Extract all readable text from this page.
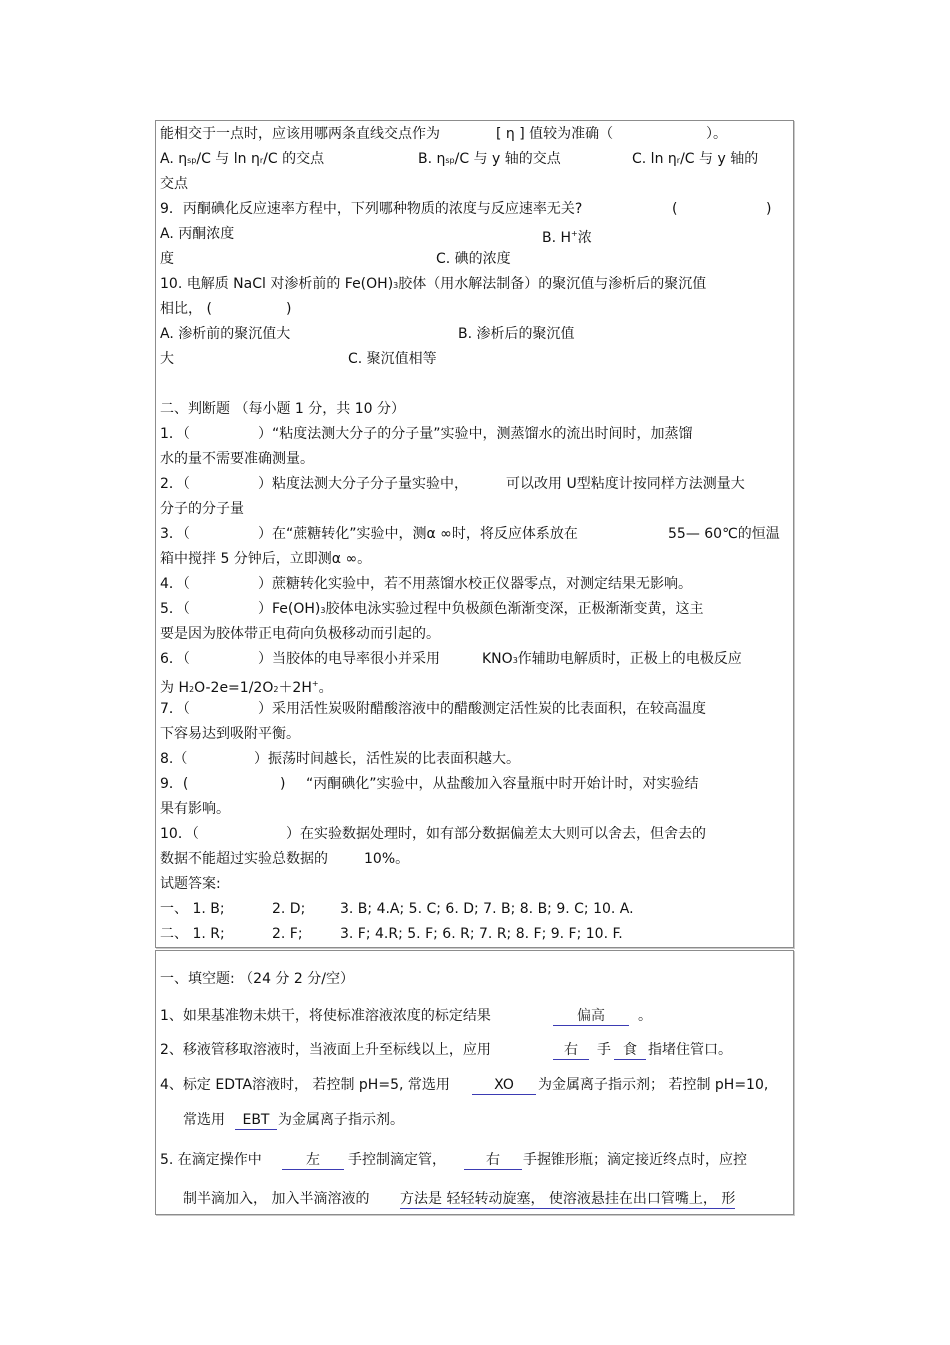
能相交于一点时，应该用哪两条直线交点作为	[ η ] 值较为准确（	）。
A. ηsp/C 与 ln ηr/C 的交点	B. ηsp/C 与 y 轴的交点	C. ln ηr/C 与 y 轴的
交点
9．丙酮碘化反应速率方程中，下列哪种物质的浓度与反应速率无关?	(	)
A. 丙酮浓度	B. H+浓
度	C. 碘的浓度
10. 电解质 NaCl 对渗析前的 Fe(OH)3胶体（用水解法制备）的聚沉值与渗析后的聚沉值
相比， (	)
A. 渗析前的聚沉值大	B. 渗析后的聚沉值
大	C. 聚沉值相等
二、判断题 （每小题 1 分，共 10 分）
1．（	）“粘度法测大分子的分子量”实验中，测蒸馏水的流出时间时，加蒸馏
水的量不需要准确测量。
2．（	）粘度法测大分子分子量实验中，	可以改用 U型粘度计按同样方法测量大
分子的分子量
3．（	）在“蔗糖转化”实验中，测α ∞时，将反应体系放在	55— 60℃的恒温
箱中搅拌 5 分钟后，立即测α ∞。
4．（	）蔗糖转化实验中，若不用蒸馏水校正仪器零点，对测定结果无影响。
5．（	）Fe(OH)3胶体电泳实验过程中负极颜色渐渐变深，正极渐渐变黄，这主
要是因为胶体带正电荷向负极移动而引起的。
6．（	）当胶体的电导率很小并采用	KNO3作辅助电解质时，正极上的电极反应
为 H2O-2e=1/2O2＋2H+。
7．（	）采用活性炭吸附醋酸溶液中的醋酸测定活性炭的比表面积，在较高温度
下容易达到吸附平衡。
8.（	）振荡时间越长，活性炭的比表面积越大。
9．(	) “丙酮碘化”实验中，从盐酸加入容量瓶中时开始计时，对实验结
果有影响。
10．（	）在实验数据处理时，如有部分数据偏差太大则可以舍去，但舍去的
数据不能超过实验总数据的	10%。
试题答案:
一、 1. B;	2. D; 3. B; 4.A; 5. C; 6. D; 7. B; 8. B; 9. C; 10. A.
二、 1. R;	2. F;	3. F; 4.R; 5. F; 6. R; 7. R; 8. F; 9. F; 10. F.
一、填空题: （24 分 2 分/空）
1、如果基准物未烘干，将使标准溶液浓度的标定结果	偏高	。
2、移液管移取溶液时，当液面上升至标线以上，应用	右	手 食 指堵住管口。
4、标定 EDTA溶液时， 若控制 pH=5, 常选用	XO	为金属离子指示剂； 若控制 pH=10,
常选用	EBT 为金属离子指示剂。
5. 在滴定操作中	左	手控制滴定管，	右	手握锥形瓶；滴定接近终点时，应控
制半滴加入， 加入半滴溶液的 方法是 轻轻转动旋塞， 使溶液悬挂在出口管嘴上， 形
